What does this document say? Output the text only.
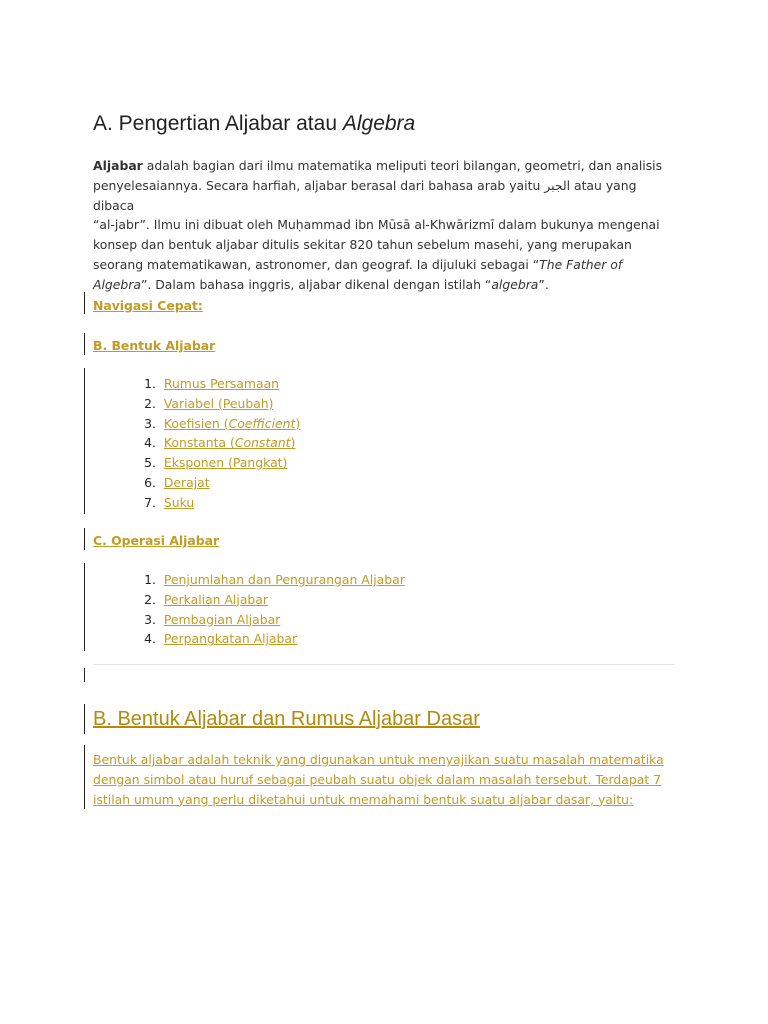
A. Pengertian Aljabar atau Algebra

Aljabar adalah bagian dari ilmu matematika meliputi teori bilangan, geometri, dan analisis
penyelesaiannya. Secara harfiah, aljabar berasal dari bahasa arab yaitu الجبر atau yang dibaca
“al-jabr”. Ilmu ini dibuat oleh Muḥammad ibn Mūsā al-Khwārizmī dalam bukunya mengenai
konsep dan bentuk aljabar ditulis sekitar 820 tahun sebelum masehi, yang merupakan
seorang matematikawan, astronomer, dan geograf. Ia dijuluki sebagai “The Father of
Algebra”. Dalam bahasa inggris, aljabar dikenal dengan istilah “algebra”.

Navigasi Cepat:
B. Bentuk Aljabar
1. Rumus Persamaan
2. Variabel (Peubah)
3. Koefisien (Coefficient)
4. Konstanta (Constant)
5. Eksponen (Pangkat)
6. Derajat
7. Suku
C. Operasi Aljabar
1. Penjumlahan dan Pengurangan Aljabar
2. Perkalian Aljabar
3. Pembagian Aljabar
4. Perpangkatan Aljabar
B. Bentuk Aljabar dan Rumus Aljabar Dasar

Bentuk aljabar adalah teknik yang digunakan untuk menyajikan suatu masalah matematika
dengan simbol atau huruf sebagai peubah suatu objek dalam masalah tersebut. Terdapat 7
istilah umum yang perlu diketahui untuk memahami bentuk suatu aljabar dasar, yaitu:
